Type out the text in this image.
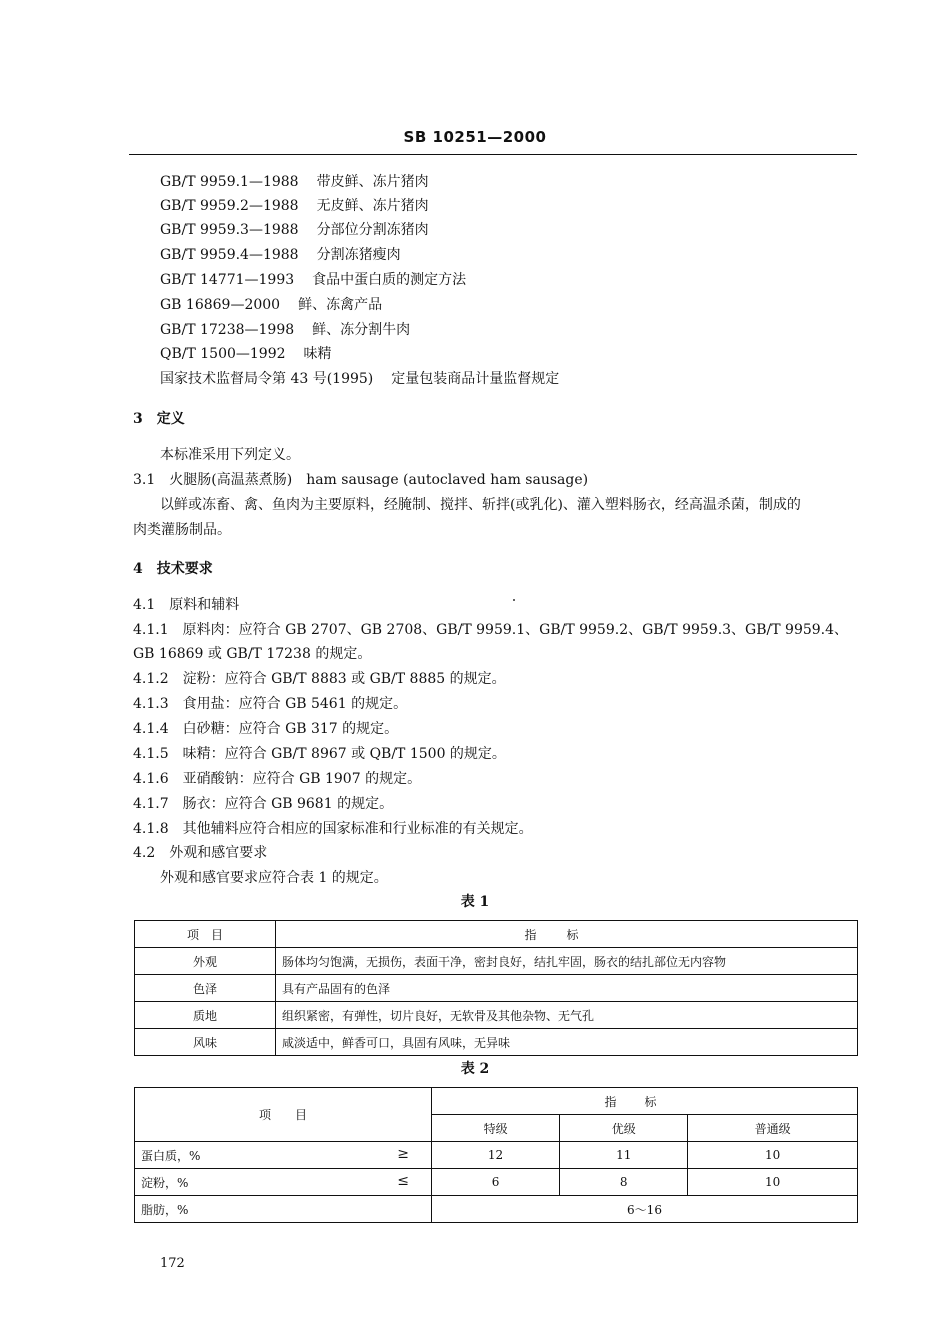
SB 10251—2000
GB/T 9959.1—1988 带皮鲜、冻片猪肉
GB/T 9959.2—1988 无皮鲜、冻片猪肉
GB/T 9959.3—1988 分部位分割冻猪肉
GB/T 9959.4—1988 分割冻猪瘦肉
GB/T 14771—1993 食品中蛋白质的测定方法
GB 16869—2000 鲜、冻禽产品
GB/T 17238—1998 鲜、冻分割牛肉
QB/T 1500—1992 味精
国家技术监督局令第 43 号(1995) 定量包装商品计量监督规定
3　定义
本标准采用下列定义。
3.1　火腿肠(高温蒸煮肠)　ham sausage (autoclaved ham sausage)
以鲜或冻畜、禽、鱼肉为主要原料，经腌制、搅拌、斩拌(或乳化)、灌入塑料肠衣，经高温杀菌，制成的
肉类灌肠制品。
4　技术要求
4.1　原料和辅料
4.1.1　原料肉：应符合 GB 2707、GB 2708、GB/T 9959.1、GB/T 9959.2、GB/T 9959.3、GB/T 9959.4、
GB 16869 或 GB/T 17238 的规定。
4.1.2　淀粉：应符合 GB/T 8883 或 GB/T 8885 的规定。
4.1.3　食用盐：应符合 GB 5461 的规定。
4.1.4　白砂糖：应符合 GB 317 的规定。
4.1.5　味精：应符合 GB/T 8967 或 QB/T 1500 的规定。
4.1.6　亚硝酸钠：应符合 GB 1907 的规定。
4.1.7　肠衣：应符合 GB 9681 的规定。
4.1.8　其他辅料应符合相应的国家标准和行业标准的有关规定。
4.2　外观和感官要求
外观和感官要求应符合表 1 的规定。
表 1
项　目	指标
外观	肠体均匀饱满，无损伤，表面干净，密封良好，结扎牢固，肠衣的结扎部位无内容物
色泽	具有产品固有的色泽
质地	组织紧密，有弹性，切片良好，无软骨及其他杂物、无气孔
风味	咸淡适中，鲜香可口，具固有风味，无异味
表 2
项　　目	指标		
	特级	优级	普通级
蛋白质，% ≥	12	11	10
淀粉，% ≤	6	8	10
脂肪，%	6～16		
172
